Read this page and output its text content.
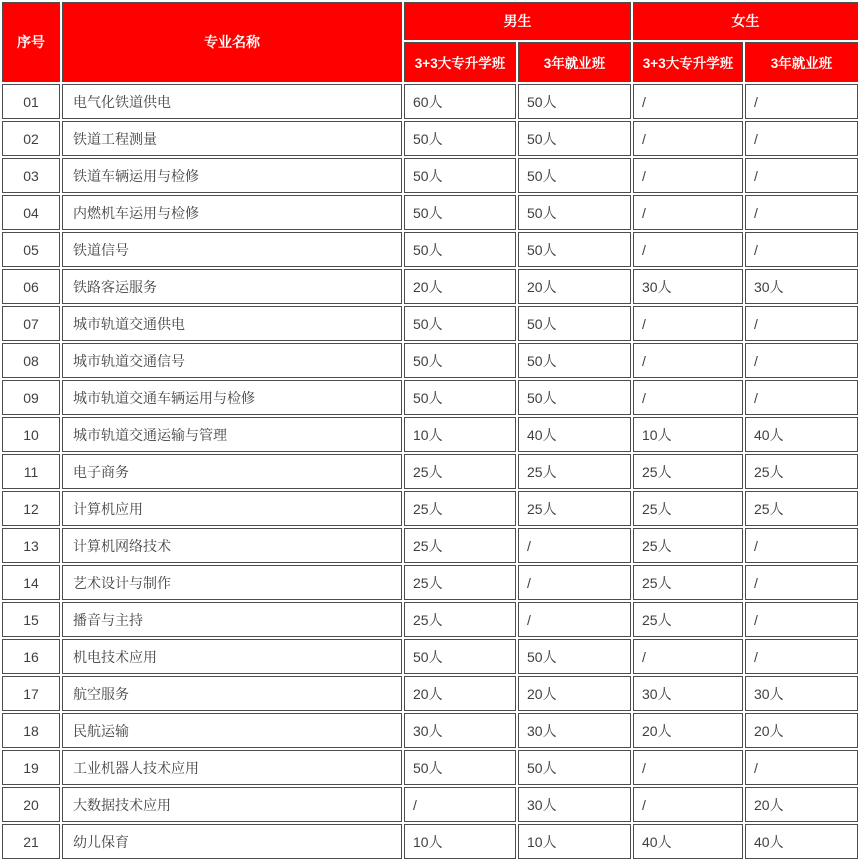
序号	专业名称	男生		女生	
		3+3大专升学班	3年就业班	3+3大专升学班	3年就业班
01	电气化铁道供电	60人	50人	/	/
02	铁道工程测量	50人	50人	/	/
03	铁道车辆运用与检修	50人	50人	/	/
04	内燃机车运用与检修	50人	50人	/	/
05	铁道信号	50人	50人	/	/
06	铁路客运服务	20人	20人	30人	30人
07	城市轨道交通供电	50人	50人	/	/
08	城市轨道交通信号	50人	50人	/	/
09	城市轨道交通车辆运用与检修	50人	50人	/	/
10	城市轨道交通运输与管理	10人	40人	10人	40人
11	电子商务	25人	25人	25人	25人
12	计算机应用	25人	25人	25人	25人
13	计算机网络技术	25人	/	25人	/
14	艺术设计与制作	25人	/	25人	/
15	播音与主持	25人	/	25人	/
16	机电技术应用	50人	50人	/	/
17	航空服务	20人	20人	30人	30人
18	民航运输	30人	30人	20人	20人
19	工业机器人技术应用	50人	50人	/	/
20	大数据技术应用	/	30人	/	20人
21	幼儿保育	10人	10人	40人	40人
